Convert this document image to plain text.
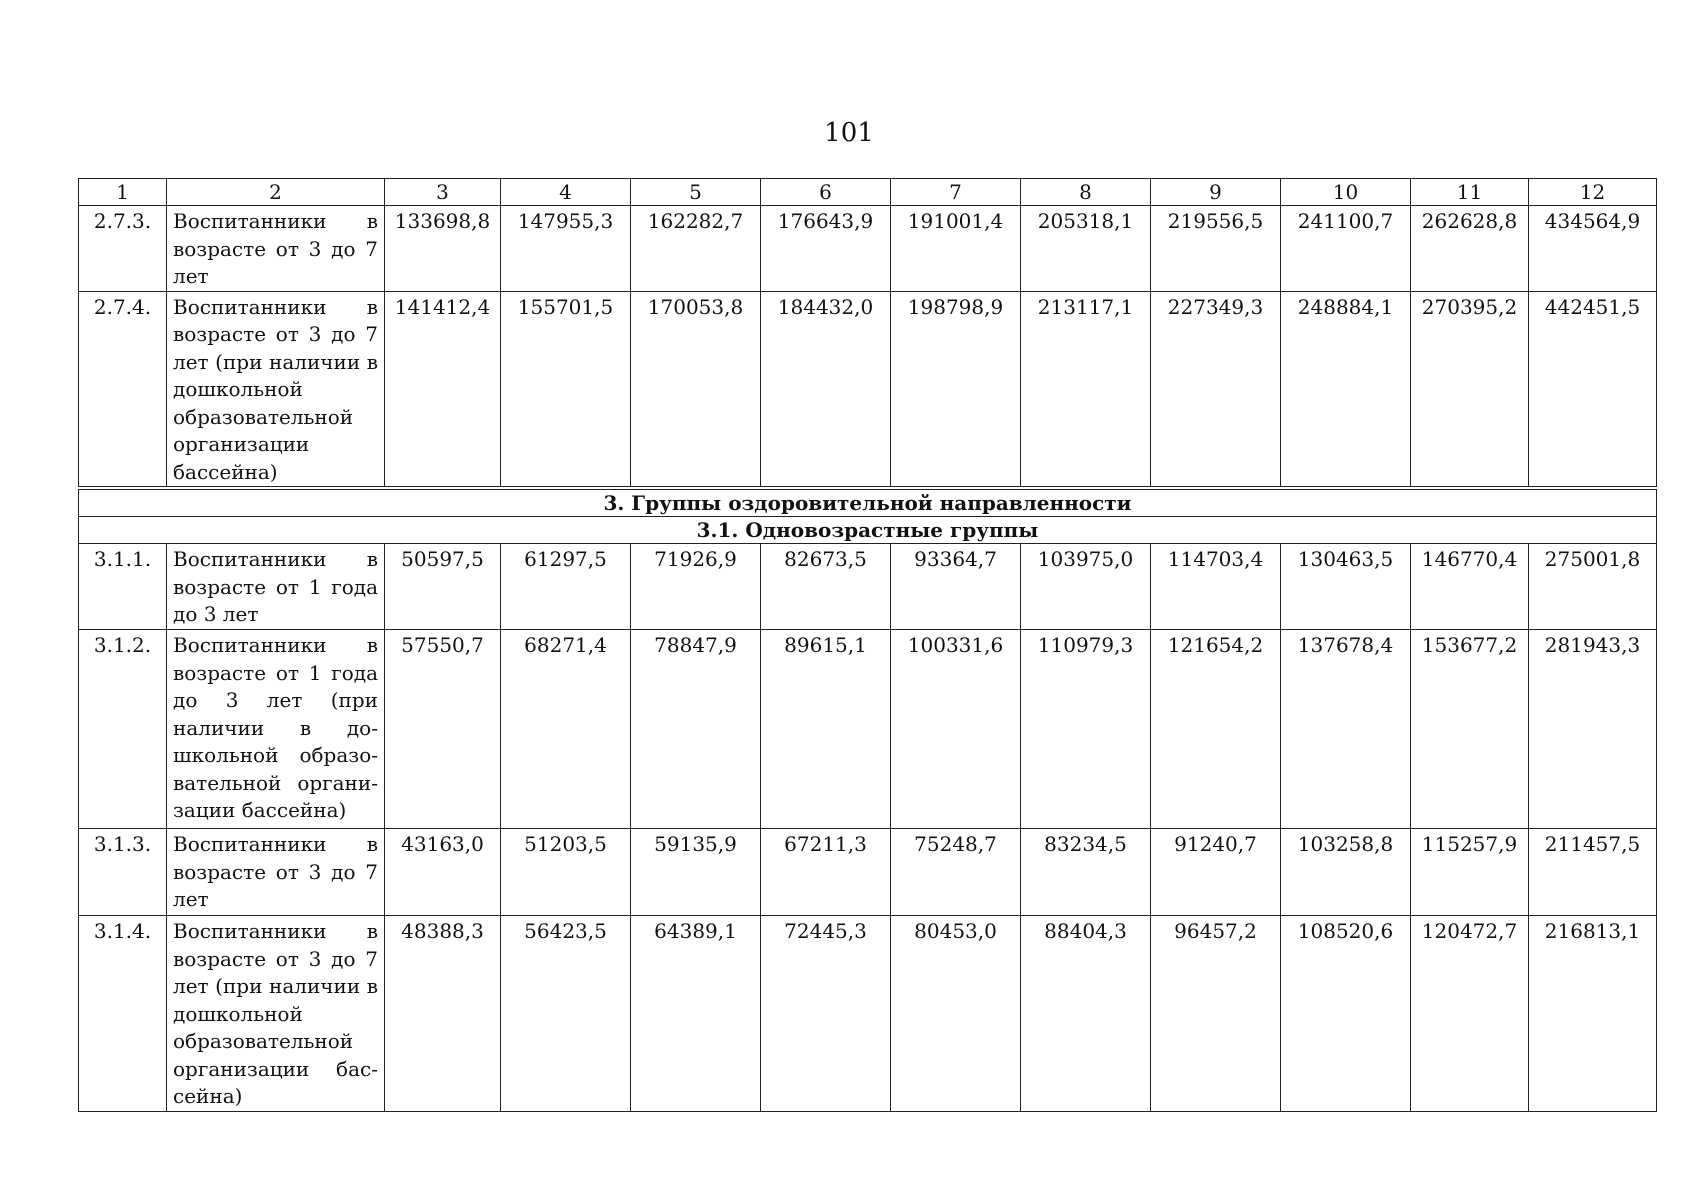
101
1	2	3	4	5	6	7	8	9	10	11	12
2.7.3.	Воспитанники в возрасте от 3 до 7 лет	133698,8	147955,3	162282,7	176643,9	191001,4	205318,1	219556,5	241100,7	262628,8	434564,9
2.7.4.	Воспитанники в возрасте от 3 до 7 лет (при наличии в дошкольной образовательной организации бассейна)	141412,4	155701,5	170053,8	184432,0	198798,9	213117,1	227349,3	248884,1	270395,2	442451,5
3. Группы оздоровительной направленности											
3.1. Одновозрастные группы											
3.1.1.	Воспитанники в возрасте от 1 года до 3 лет	50597,5	61297,5	71926,9	82673,5	93364,7	103975,0	114703,4	130463,5	146770,4	275001,8
3.1.2.	Воспитанники в возрасте от 1 года до 3 лет (при наличии в дошкольной образовательной организации бассейна)	57550,7	68271,4	78847,9	89615,1	100331,6	110979,3	121654,2	137678,4	153677,2	281943,3
3.1.3.	Воспитанники в возрасте от 3 до 7 лет	43163,0	51203,5	59135,9	67211,3	75248,7	83234,5	91240,7	103258,8	115257,9	211457,5
3.1.4.	Воспитанники в возрасте от 3 до 7 лет (при наличии в дошкольной образовательной организации бассейна)	48388,3	56423,5	64389,1	72445,3	80453,0	88404,3	96457,2	108520,6	120472,7	216813,1
